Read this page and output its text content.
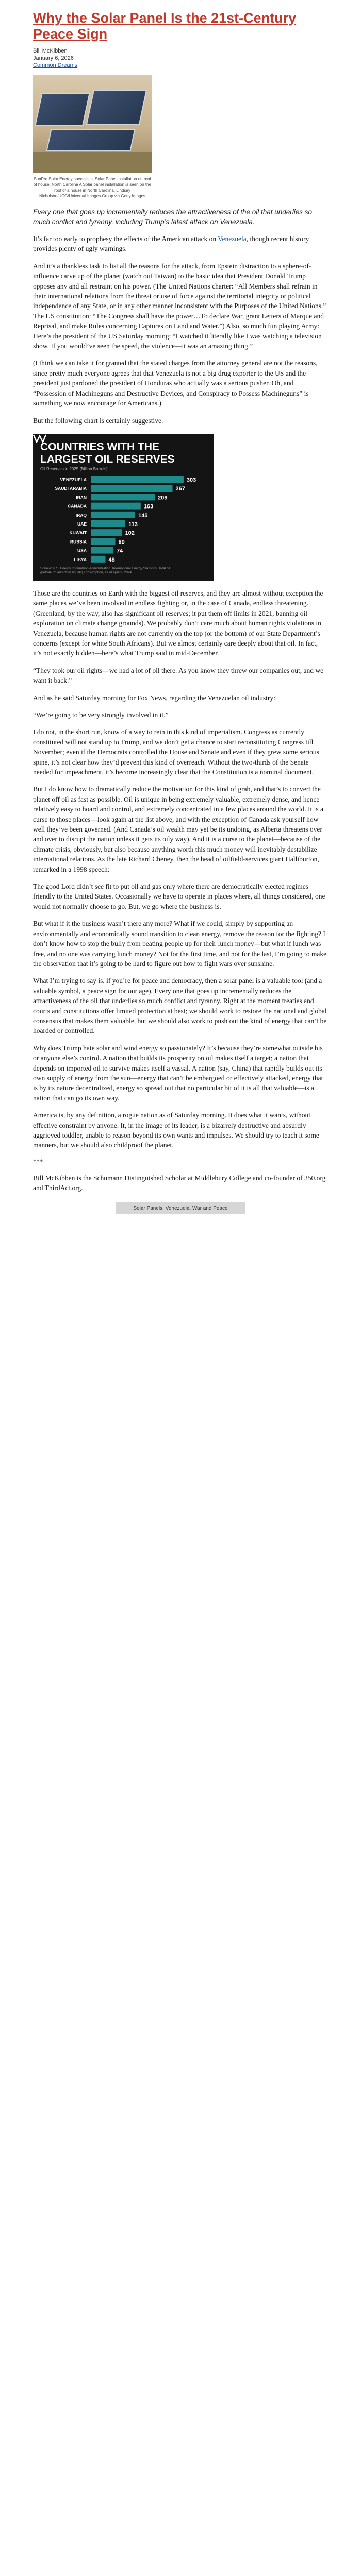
Why the Solar Panel Is the 21st-Century Peace Sign
Bill McKibben
January 6, 2026
Common Dreams
SunPro Solar Energy specialists, Solar Panel installation on roof of house, North Carolina A Solar panel installation is seen on the roof of a house in North Carolina. Lindsay Nicholson/UCG/Universal Images Group via Getty Images
Every one that goes up incrementally reduces the attractiveness of the oil that underlies so much conflict and tyranny, including Trump’s latest attack on Venezuela.

It’s far too early to prophesy the effects of the American attack on Venezuela, though recent history provides plenty of ugly warnings.

And it’s a thankless task to list all the reasons for the attack, from Epstein distraction to a sphere-of-influence carve up of the planet (watch out Taiwan) to the basic idea that President Donald Trump opposes any and all restraint on his power. (The United Nations charter: “All Members shall refrain in their international relations from the threat or use of force against the territorial integrity or political independence of any State, or in any other manner inconsistent with the Purposes of the United Nations.” The US constitution: “The Congress shall have the power…To declare War, grant Letters of Marque and Reprisal, and make Rules concerning Captures on Land and Water.”) Also, so much fun playing Army: Here’s the president of the US Saturday morning: “I watched it literally like I was watching a television show. If you would’ve seen the speed, the violence—it was an amazing thing.”

(I think we can take it for granted that the stated charges from the attorney general are not the reasons, since pretty much everyone agrees that that Venezuela is not a big drug exporter to the US and the president just pardoned the president of Honduras who actually was a serious pusher. Oh, and “Possession of Machineguns and Destructive Devices, and Conspiracy to Possess Machineguns” is something we now encourage for Americans.)

But the following chart is certainly suggestive.

COUNTRIES WITH THE LARGEST OIL RESERVES
Oil Reserves in 2025 (Billion Barrels)
VENEZUELA	303
SAUDI ARABIA	267
IRAN	209
CANADA	163
IRAQ	145
UAE	113
KUWAIT	102
RUSSIA	80
USA	74
LIBYA	48
Source: U.S. Energy Information Administration, International Energy Statistics, Total oil (petroleum and other liquids) consumption, as of April 9, 2024

Those are the countries on Earth with the biggest oil reserves, and they are almost without exception the same places we’ve been involved in endless fighting or, in the case of Canada, endless threatening. (Greenland, by the way, also has significant oil reserves; it put them off limits in 2021, banning oil exploration on climate change grounds). We probably don’t care much about human rights violations in Venezuela, because human rights are not currently on the top (or the bottom) of our State Department’s concerns (except for white South Africans). But we almost certainly care deeply about that oil. In fact, it’s not exactly hidden—here’s what Trump said in mid-December.

“They took our oil rights—we had a lot of oil there. As you know they threw our companies out, and we want it back.”

And as he said Saturday morning for Fox News, regarding the Venezuelan oil industry:

“We’re going to be very strongly involved in it.”

I do not, in the short run, know of a way to rein in this kind of imperialism. Congress as currently constituted will not stand up to Trump, and we don’t get a chance to start reconstituting Congress till November; even if the Democrats controlled the House and Senate and even if they grew some serious spine, it’s not clear how they’d prevent this kind of overreach. Without the two-thirds of the Senate needed for impeachment, it’s become increasingly clear that the Constitution is a nominal document.

But I do know how to dramatically reduce the motivation for this kind of grab, and that’s to convert the planet off oil as fast as possible. Oil is unique in being extremely valuable, extremely dense, and hence relatively easy to hoard and control, and extremely concentrated in a few places around the world. It is a curse to those places—look again at the list above, and with the exception of Canada ask yourself how well they’ve been governed. (And Canada’s oil wealth may yet be its undoing, as Alberta threatens over and over to disrupt the nation unless it gets its oily way). And it is a curse to the planet—because of the climate crisis, obviously, but also because anything worth this much money will inevitably destabilize international relations. As the late Richard Cheney, then the head of oilfield-services giant Halliburton, remarked in a 1998 speech:

The good Lord didn’t see fit to put oil and gas only where there are democratically elected regimes friendly to the United States. Occasionally we have to operate in places where, all things considered, one would not normally choose to go. But, we go where the business is.

But what if it the business wasn’t there any more? What if we could, simply by supporting an environmentally and economically sound transition to clean energy, remove the reason for the fighting? I don’t know how to stop the bully from beating people up for their lunch money—but what if lunch was free, and no one was carrying lunch money? Not for the first time, and not for the last, I’m going to make the observation that it’s going to be hard to figure out how to fight wars over sunshine.

What I’m trying to say is, if you’re for peace and democracy, then a solar panel is a valuable tool (and a valuable symbol, a peace sign for our age). Every one that goes up incrementally reduces the attractiveness of the oil that underlies so much conflict and tyranny. Right at the moment treaties and courts and constitutions offer limited protection at best; we should work to restore the national and global consensus that makes them valuable, but we should also work to push out the kind of energy that can’t be hoarded or controlled.

Why does Trump hate solar and wind energy so passionately? It’s because they’re somewhat outside his or anyone else’s control. A nation that builds its prosperity on oil makes itself a target; a nation that depends on imported oil to survive makes itself a vassal. A nation (say, China) that rapidly builds out its own supply of energy from the sun—energy that can’t be embargoed or effectively attacked, energy that is by its nature decentralized, energy so spread out that no particular bit of it is all that valuable—is a nation that can go its own way.

America is, by any definition, a rogue nation as of Saturday morning. It does what it wants, without effective constraint by anyone. It, in the image of its leader, is a bizarrely destructive and absurdly aggrieved toddler, unable to reason beyond its own wants and impulses. We should try to teach it some manners, but we should also childproof the planet.

***

Bill McKibben is the Schumann Distinguished Scholar at Middlebury College and co-founder of 350.org and ThirdAct.org.

Solar Panels, Venezuela, War and Peace
